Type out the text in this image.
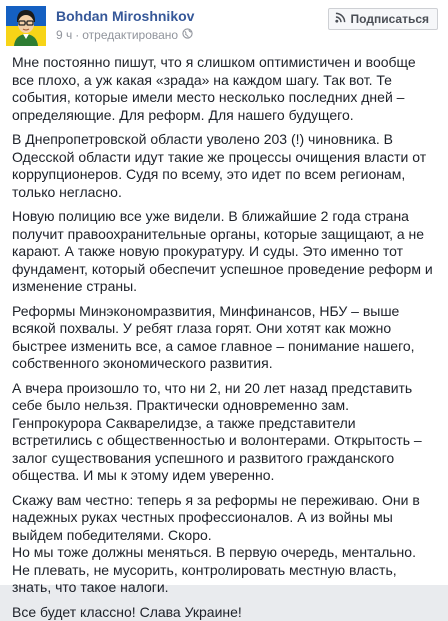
Bohdan Miroshnikov
9 ч · отредактировано
Подписаться

Мне постоянно пишут, что я слишком оптимистичен и вообще все плохо, а уж какая «зрада» на каждом шагу. Так вот. Те события, которые имели место несколько последних дней – определяющие. Для реформ. Для нашего будущего.

В Днепропетровской области уволено 203 (!) чиновника. В Одесской области идут такие же процессы очищения власти от коррупционеров. Судя по всему, это идет по всем регионам, только негласно.

Новую полицию все уже видели. В ближайшие 2 года страна получит правоохранительные органы, которые защищают, а не карают. А также новую прокуратуру. И суды. Это именно тот фундамент, который обеспечит успешное проведение реформ и изменение страны.

Реформы Минэкономразвития, Минфинансов, НБУ – выше всякой похвалы. У ребят глаза горят. Они хотят как можно быстрее изменить все, а самое главное – понимание нашего, собственного экономического развития.

А вчера произошло то, что ни 2, ни 20 лет назад представить себе было нельзя. Практически одновременно зам. Генпрокурора Сакварелидзе, а также представители встретились с общественностью и волонтерами. Открытость – залог существования успешного и развитого гражданского общества. И мы к этому идем уверенно.

Скажу вам честно: теперь я за реформы не переживаю. Они в надежных руках честных профессионалов. А из войны мы выйдем победителями. Скоро.
Но мы тоже должны меняться. В первую очередь, ментально. Не плевать, не мусорить, контролировать местную власть, знать, что такое налоги.

Все будет классно! Слава Украине!
